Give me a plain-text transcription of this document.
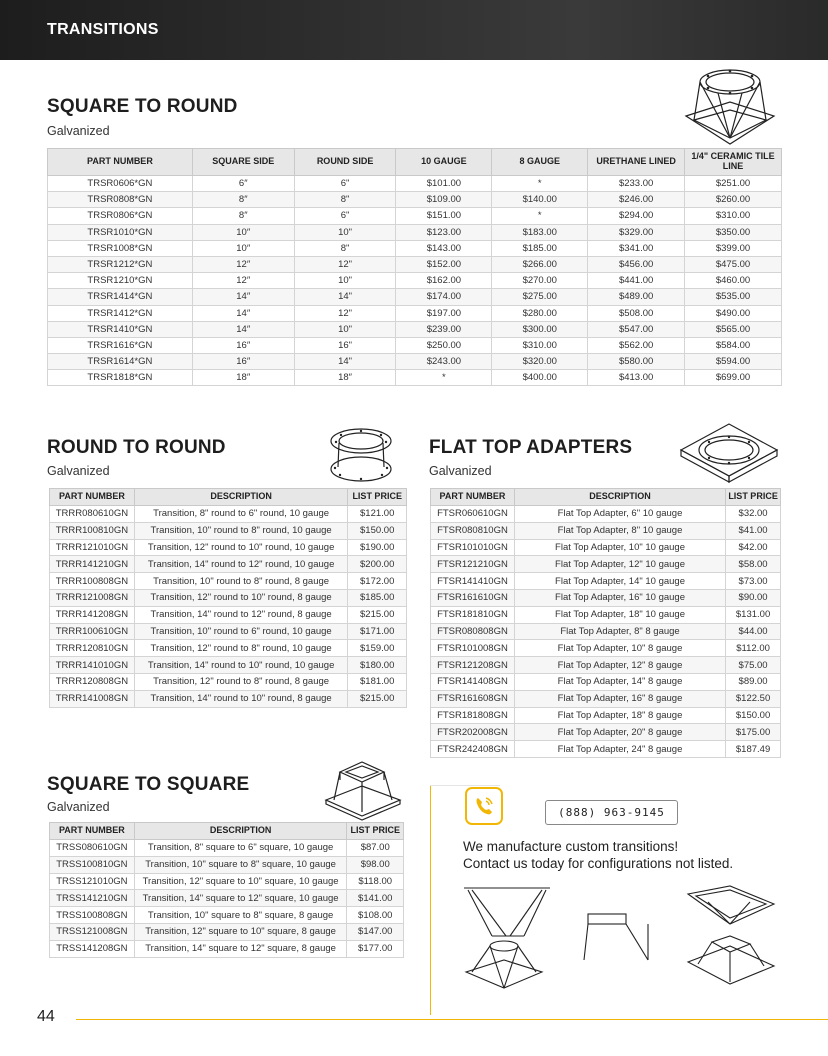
TRANSITIONS
SQUARE TO ROUND
Galvanized
PART NUMBER	SQUARE SIDE	ROUND SIDE	10 GAUGE	8 GAUGE	URETHANE LINED	1/4" CERAMIC TILE LINE
TRSR0606*GN	6″	6"	$101.00	*	$233.00	$251.00
TRSR0808*GN	8″	8"	$109.00	$140.00	$246.00	$260.00
TRSR0806*GN	8″	6"	$151.00	*	$294.00	$310.00
TRSR1010*GN	10″	10"	$123.00	$183.00	$329.00	$350.00
TRSR1008*GN	10″	8"	$143.00	$185.00	$341.00	$399.00
TRSR1212*GN	12″	12"	$152.00	$266.00	$456.00	$475.00
TRSR1210*GN	12″	10"	$162.00	$270.00	$441.00	$460.00
TRSR1414*GN	14″	14"	$174.00	$275.00	$489.00	$535.00
TRSR1412*GN	14″	12"	$197.00	$280.00	$508.00	$490.00
TRSR1410*GN	14″	10"	$239.00	$300.00	$547.00	$565.00
TRSR1616*GN	16″	16"	$250.00	$310.00	$562.00	$584.00
TRSR1614*GN	16″	14"	$243.00	$320.00	$580.00	$594.00
TRSR1818*GN	18″	18″	*	$400.00	$413.00	$699.00
ROUND TO ROUND
Galvanized
PART NUMBER	DESCRIPTION	LIST PRICE
TRRR080610GN	Transition, 8" round to 6" round, 10 gauge	$121.00
TRRR100810GN	Transition, 10" round to 8" round, 10 gauge	$150.00
TRRR121010GN	Transition, 12" round to 10" round, 10 gauge	$190.00
TRRR141210GN	Transition, 14" round to 12" round, 10 gauge	$200.00
TRRR100808GN	Transition, 10" round to 8" round, 8 gauge	$172.00
TRRR121008GN	Transition, 12" round to 10" round, 8 gauge	$185.00
TRRR141208GN	Transition, 14" round to 12" round, 8 gauge	$215.00
TRRR100610GN	Transition, 10" round to 6" round, 10 gauge	$171.00
TRRR120810GN	Transition, 12" round to 8" round, 10 gauge	$159.00
TRRR141010GN	Transition, 14" round to 10" round, 10 gauge	$180.00
TRRR120808GN	Transition, 12" round to 8" round, 8 gauge	$181.00
TRRR141008GN	Transition, 14" round to 10" round, 8 gauge	$215.00
FLAT TOP ADAPTERS
Galvanized
PART NUMBER	DESCRIPTION	LIST PRICE
FTSR060610GN	Flat Top Adapter, 6" 10 gauge	$32.00
FTSR080810GN	Flat Top Adapter, 8" 10 gauge	$41.00
FTSR101010GN	Flat Top Adapter, 10" 10 gauge	$42.00
FTSR121210GN	Flat Top Adapter, 12" 10 gauge	$58.00
FTSR141410GN	Flat Top Adapter, 14" 10 gauge	$73.00
FTSR161610GN	Flat Top Adapter, 16" 10 gauge	$90.00
FTSR181810GN	Flat Top Adapter, 18" 10 gauge	$131.00
FTSR080808GN	Flat Top Adapter, 8" 8 gauge	$44.00
FTSR101008GN	Flat Top Adapter, 10" 8 gauge	$112.00
FTSR121208GN	Flat Top Adapter, 12" 8 gauge	$75.00
FTSR141408GN	Flat Top Adapter, 14" 8 gauge	$89.00
FTSR161608GN	Flat Top Adapter, 16" 8 gauge	$122.50
FTSR181808GN	Flat Top Adapter, 18" 8 gauge	$150.00
FTSR202008GN	Flat Top Adapter, 20" 8 gauge	$175.00
FTSR242408GN	Flat Top Adapter, 24" 8 gauge	$187.49
SQUARE TO SQUARE
Galvanized
PART NUMBER	DESCRIPTION	LIST PRICE
TRSS080610GN	Transition, 8" square to 6" square, 10 gauge	$87.00
TRSS100810GN	Transition, 10" square to 8" square, 10 gauge	$98.00
TRSS121010GN	Transition, 12" square to 10" square, 10 gauge	$118.00
TRSS141210GN	Transition, 14" square to 12" square, 10 gauge	$141.00
TRSS100808GN	Transition, 10" square to 8" square, 8 gauge	$108.00
TRSS121008GN	Transition, 12" square to 10" square, 8 gauge	$147.00
TRSS141208GN	Transition, 14" square to 12" square, 8 gauge	$177.00
(888) 963-9145
We manufacture custom transitions!
Contact us today for configurations not listed.
44
